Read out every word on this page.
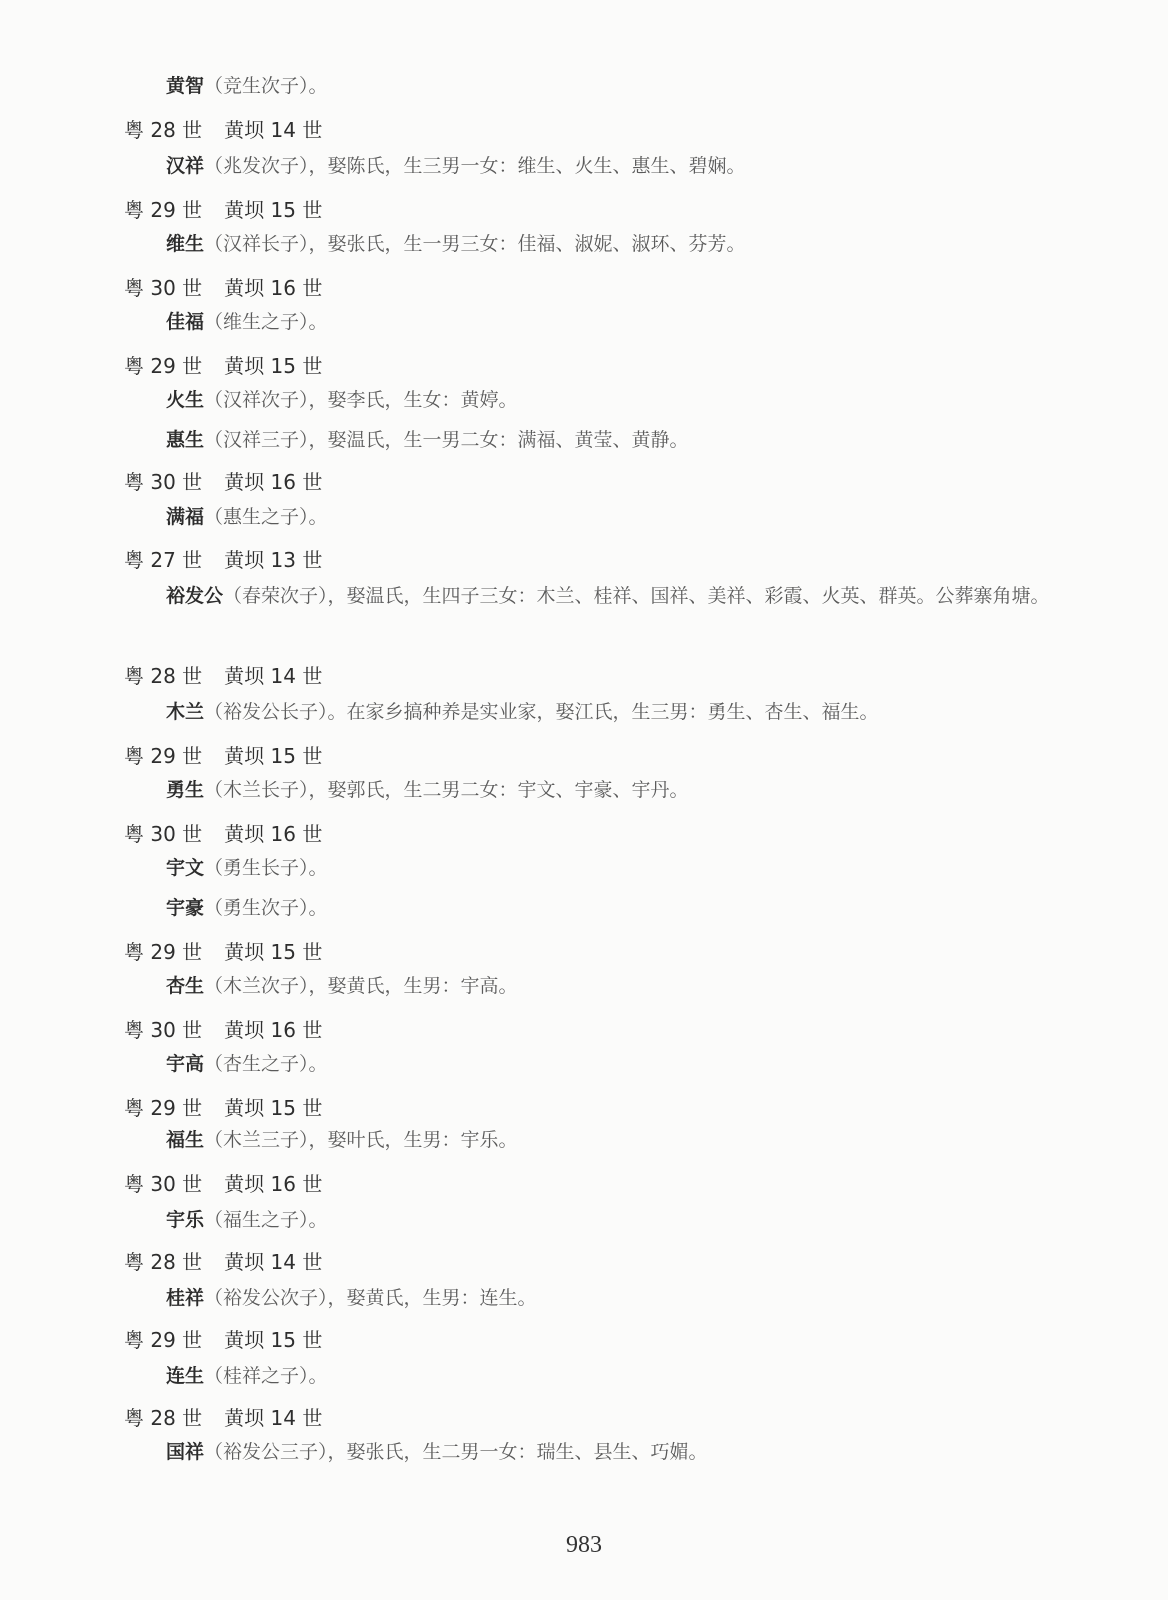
黄智（竞生次子）。
粤 28 世 黄坝 14 世
汉祥（兆发次子），娶陈氏，生三男一女：维生、火生、惠生、碧娴。
粤 29 世 黄坝 15 世
维生（汉祥长子），娶张氏，生一男三女：佳福、淑妮、淑环、芬芳。
粤 30 世 黄坝 16 世
佳福（维生之子）。
粤 29 世 黄坝 15 世
火生（汉祥次子），娶李氏，生女：黄婷。
惠生（汉祥三子），娶温氏，生一男二女：满福、黄莹、黄静。
粤 30 世 黄坝 16 世
满福（惠生之子）。
粤 27 世 黄坝 13 世
裕发公（春荣次子），娶温氏，生四子三女：木兰、桂祥、国祥、美祥、彩霞、火英、群英。公葬寨角塘。
粤 28 世 黄坝 14 世
木兰（裕发公长子）。在家乡搞种养是实业家，娶江氏，生三男：勇生、杏生、福生。
粤 29 世 黄坝 15 世
勇生（木兰长子），娶郭氏，生二男二女：宇文、宇豪、宇丹。
粤 30 世 黄坝 16 世
宇文（勇生长子）。
宇豪（勇生次子）。
粤 29 世 黄坝 15 世
杏生（木兰次子），娶黄氏，生男：宇高。
粤 30 世 黄坝 16 世
宇高（杏生之子）。
粤 29 世 黄坝 15 世
福生（木兰三子），娶叶氏，生男：宇乐。
粤 30 世 黄坝 16 世
宇乐（福生之子）。
粤 28 世 黄坝 14 世
桂祥（裕发公次子），娶黄氏，生男：连生。
粤 29 世 黄坝 15 世
连生（桂祥之子）。
粤 28 世 黄坝 14 世
国祥（裕发公三子），娶张氏，生二男一女：瑞生、县生、巧媚。
983
